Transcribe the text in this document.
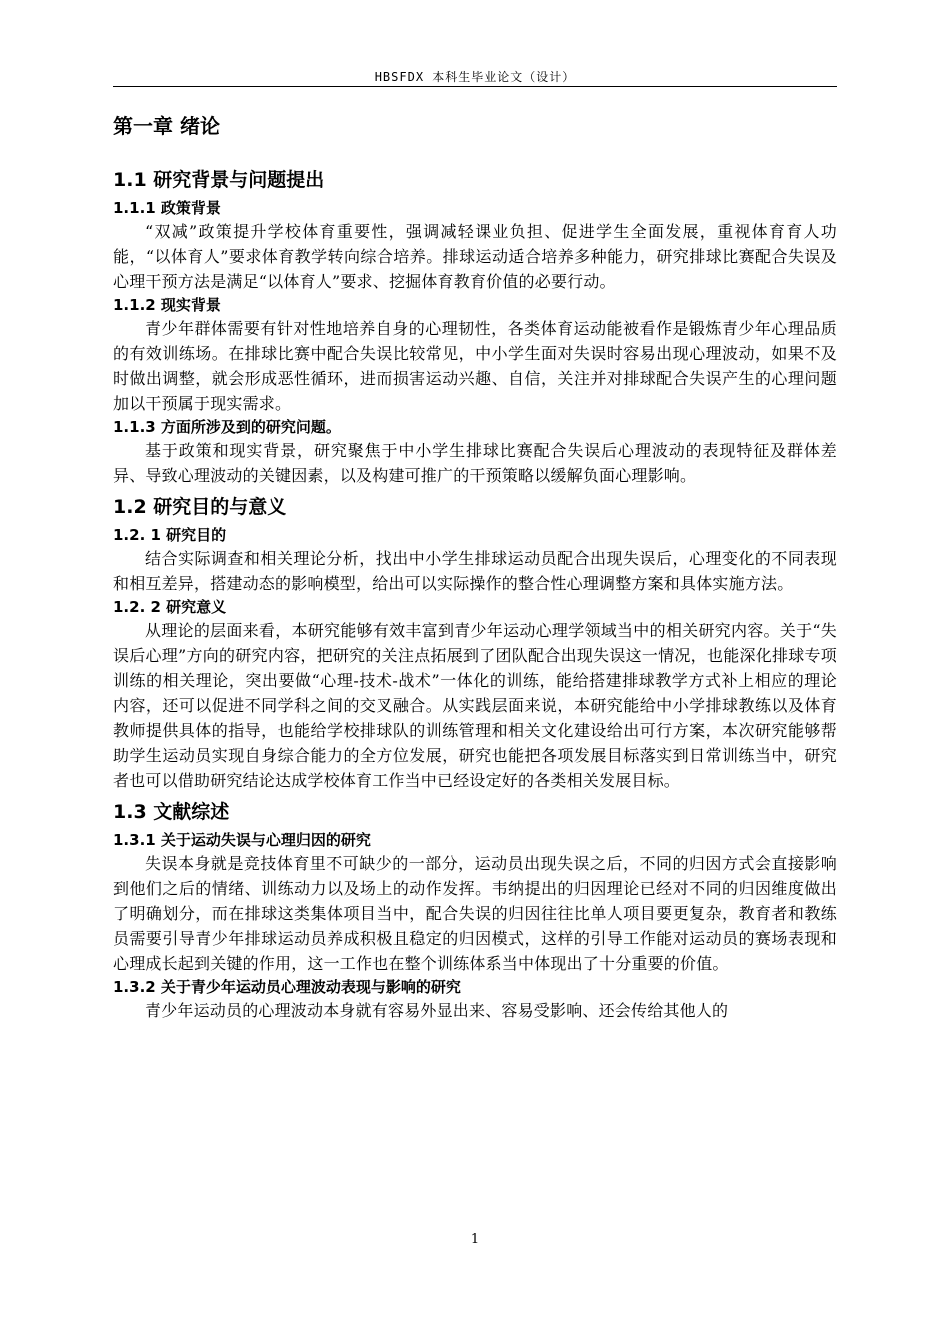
HBSFDX 本科生毕业论文（设计）
第一章 绪论
1.1 研究背景与问题提出
1.1.1 政策背景

“双减”政策提升学校体育重要性，强调减轻课业负担、促进学生全面发展，重视体育育人功能，“以体育人”要求体育教学转向综合培养。排球运动适合培养多种能力，研究排球比赛配合失误及心理干预方法是满足“以体育人”要求、挖掘体育教育价值的必要行动。

1.1.2 现实背景

青少年群体需要有针对性地培养自身的心理韧性，各类体育运动能被看作是锻炼青少年心理品质的有效训练场。在排球比赛中配合失误比较常见，中小学生面对失误时容易出现心理波动，如果不及时做出调整，就会形成恶性循环，进而损害运动兴趣、自信，关注并对排球配合失误产生的心理问题加以干预属于现实需求。

1.1.3 方面所涉及到的研究问题。

基于政策和现实背景，研究聚焦于中小学生排球比赛配合失误后心理波动的表现特征及群体差异、导致心理波动的关键因素，以及构建可推广的干预策略以缓解负面心理影响。

1.2 研究目的与意义
1.2. 1 研究目的

结合实际调查和相关理论分析，找出中小学生排球运动员配合出现失误后，心理变化的不同表现和相互差异，搭建动态的影响模型，给出可以实际操作的整合性心理调整方案和具体实施方法。

1.2. 2 研究意义

从理论的层面来看，本研究能够有效丰富到青少年运动心理学领域当中的相关研究内容。关于“失误后心理”方向的研究内容，把研究的关注点拓展到了团队配合出现失误这一情况，也能深化排球专项训练的相关理论，突出要做“心理-技术-战术”一体化的训练，能给搭建排球教学方式补上相应的理论内容，还可以促进不同学科之间的交叉融合。从实践层面来说，本研究能给中小学排球教练以及体育教师提供具体的指导，也能给学校排球队的训练管理和相关文化建设给出可行方案，本次研究能够帮助学生运动员实现自身综合能力的全方位发展，研究也能把各项发展目标落实到日常训练当中，研究者也可以借助研究结论达成学校体育工作当中已经设定好的各类相关发展目标。

1.3 文献综述
1.3.1 关于运动失误与心理归因的研究

失误本身就是竞技体育里不可缺少的一部分，运动员出现失误之后，不同的归因方式会直接影响到他们之后的情绪、训练动力以及场上的动作发挥。韦纳提出的归因理论已经对不同的归因维度做出了明确划分，而在排球这类集体项目当中，配合失误的归因往往比单人项目要更复杂，教育者和教练员需要引导青少年排球运动员养成积极且稳定的归因模式，这样的引导工作能对运动员的赛场表现和心理成长起到关键的作用，这一工作也在整个训练体系当中体现出了十分重要的价值。

1.3.2 关于青少年运动员心理波动表现与影响的研究

青少年运动员的心理波动本身就有容易外显出来、容易受影响、还会传给其他人的

1
